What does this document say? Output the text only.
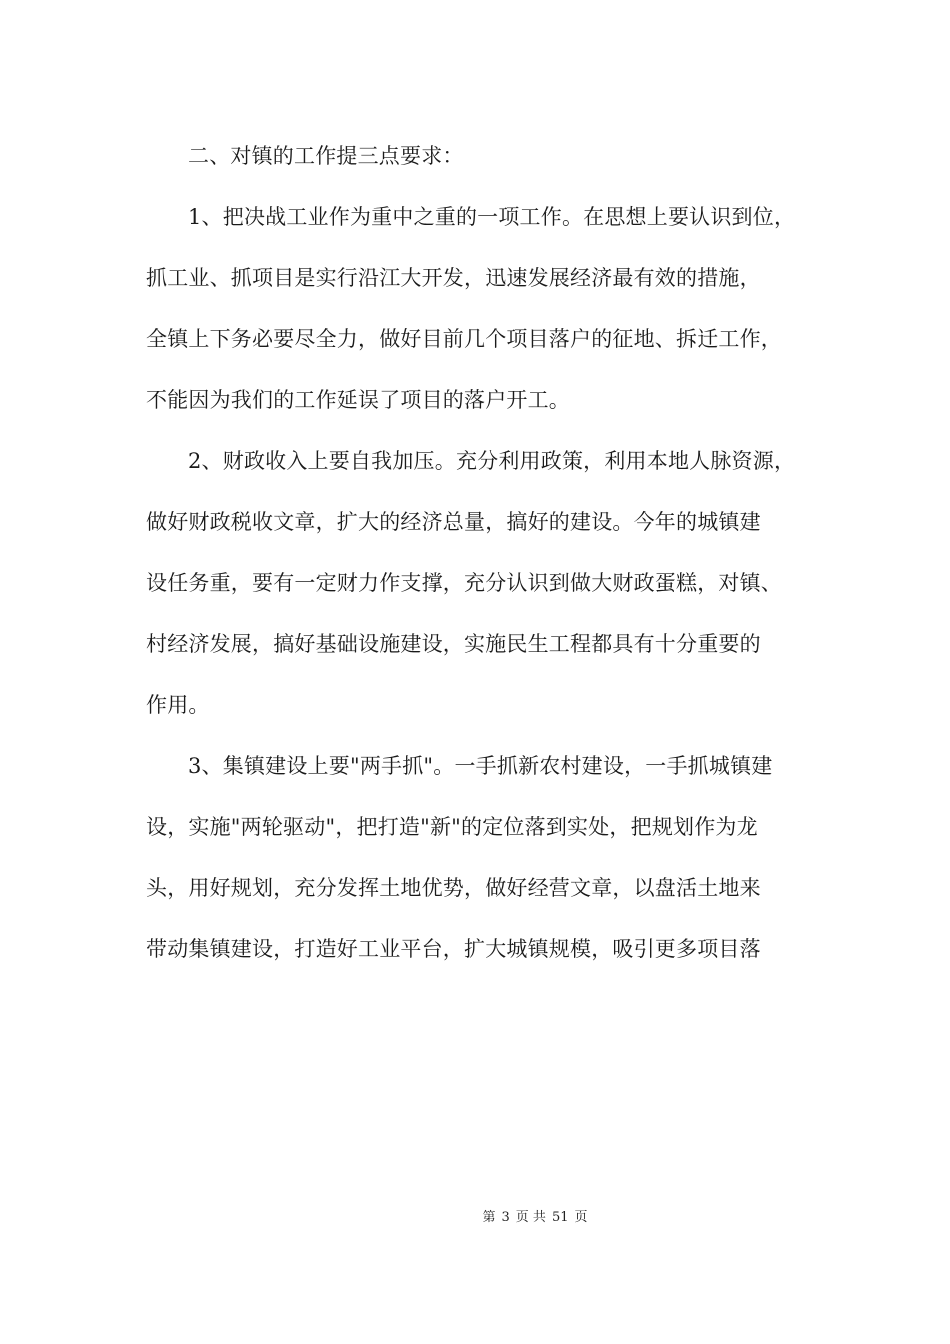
二、对镇的工作提三点要求：
1、把决战工业作为重中之重的一项工作。在思想上要认识到位，
抓工业、抓项目是实行沿江大开发，迅速发展经济最有效的措施，
全镇上下务必要尽全力，做好目前几个项目落户的征地、拆迁工作，
不能因为我们的工作延误了项目的落户开工。
2、财政收入上要自我加压。充分利用政策，利用本地人脉资源，
做好财政税收文章，扩大的经济总量，搞好的建设。今年的城镇建
设任务重，要有一定财力作支撑，充分认识到做大财政蛋糕，对镇、
村经济发展，搞好基础设施建设，实施民生工程都具有十分重要的
作用。
3、集镇建设上要"两手抓"。一手抓新农村建设，一手抓城镇建
设，实施"两轮驱动"，把打造"新"的定位落到实处，把规划作为龙
头，用好规划，充分发挥土地优势，做好经营文章，以盘活土地来
带动集镇建设，打造好工业平台，扩大城镇规模，吸引更多项目落
第 3 页 共 51 页
